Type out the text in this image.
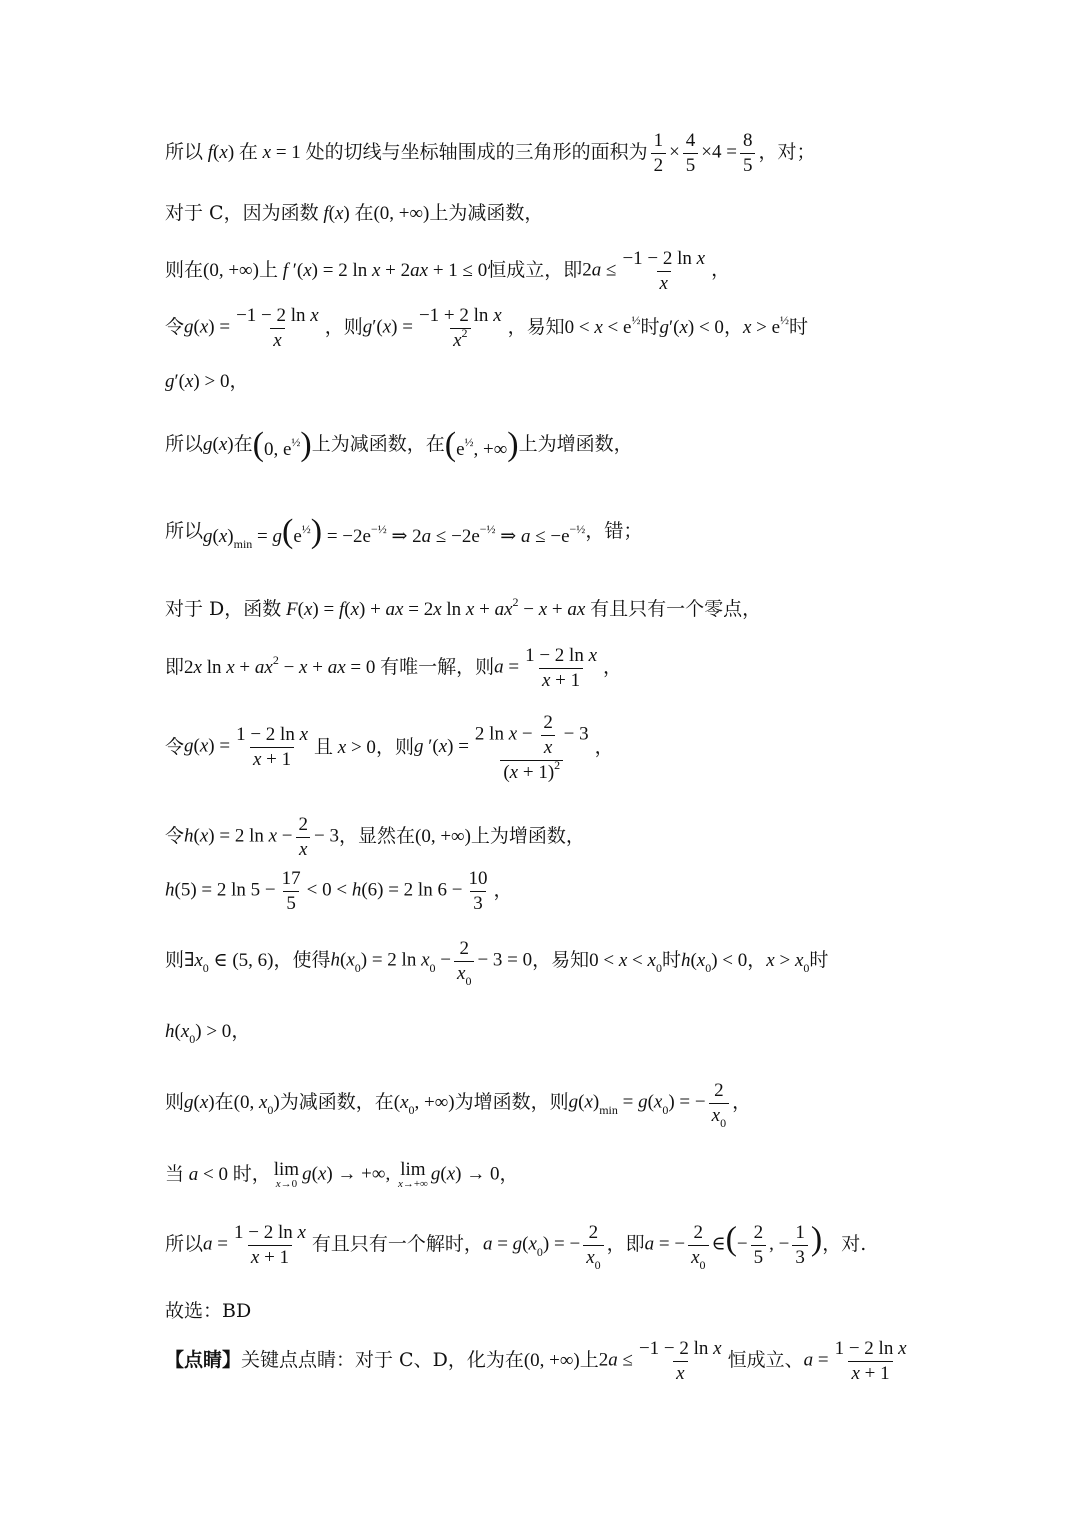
所以 f(x) 在 x = 1 处的切线与坐标轴围成的三角形的面积为 $\frac{1}{2} \times \frac{4}{5} \times 4 = \frac{8}{5}$ ，对；
对于 C，因为函数 f(x) 在 (0, +∞) 上为减函数，
则在 (0, +∞) 上 f ′(x) = 2 ln x + 2ax + 1 ≤ 0 恒成立，即 $2a \le \frac{\text{−1 − 2 ln x}}{x}$ ，
令 $g(x) = \frac{\text{−1 − 2 ln x}}{x}$ ，则 $g'(x) = \frac{\text{−1 + 2 ln x}}{x^2}$ ，易知 $0 < x < e^{\frac{1}{2}}$ 时 g′(x) < 0 ， $x > e^{\frac{1}{2}}$ 时
g′(x) > 0 ，
所以 g(x) 在 (0, $e^{\frac{1}{2}}$) 上为减函数，在 ($e^{\frac{1}{2}}$, +∞) 上为增函数，
所以 $g(x)_{min} = g(e^{\frac{1}{2}}) = -2e^{-\frac{1}{2}}$ ⇒ $2a \le -2e^{-\frac{1}{2}}$ ⇒ $a \le -e^{-\frac{1}{2}}$ ，错；
对于 D，函数 F(x) = f(x) + ax = 2x $\ln x + ax^2 - x$ + ax 有且只有一个零点，
即 2x $\ln x + ax^2 - x$ + ax = 0 有唯一解，则 $a = \frac{\text{1 − 2 ln x}}{x + 1}$ ，
令 $g(x) = \frac{\text{1 − 2 ln x}}{x + 1}$ 且 x > 0 ，则 g $'(x) = \frac{2 \ln x - \frac{2}{x} - 3}{(x + 1)^2}$ ，
令 h(x) = 2 $\ln x - \frac{2}{x} - 3$ ，显然在 (0, +∞) 上为增函数，
h(5) = 2 $\ln 5 - \frac{17}{5} < 0 < h(6) = 2$ $\ln 6 - \frac{10}{3}$ ，
则 $\exists x_0$ ∈ (5, 6) ，使得 $h(x_0) = 2$ $\ln x_0 - \frac{2}{x_0} - 3 = 0$ ，易知 $0 < x < x_0$ 时 $h(x_0) < 0$ ， $x > x_0$ 时
$h(x_0) > 0$ ，
则 g(x) 在 (0, $x_0$) 为减函数，在 ($x_0$, +∞) 为增函数，则 $g(x)_{min} = g(x_0)$ = − $\frac{2}{x_0}$ ，
当 a < 0 时， lim
x→0 g(x) → +∞, lim
x→+∞ g(x) → 0 ，
所以 $a = \frac{\text{1 − 2 ln x}}{x + 1}$ 有且只有一个解时， $a = g(x_0)$ = − $\frac{2}{x_0}$ ，即 a = − $\frac{2}{x_0}$ ∈(− $\frac{2}{5}$ , − $\frac{1}{3}$ ) ，对.
故选：BD
【点睛】 关键点点睛：对于 C、D，化为在 (0, +∞) 上 $2a \le \frac{\text{−1 − 2 ln x}}{x}$ 恒成立、 $a = \frac{\text{1 − 2 ln x}}{x + 1}$
